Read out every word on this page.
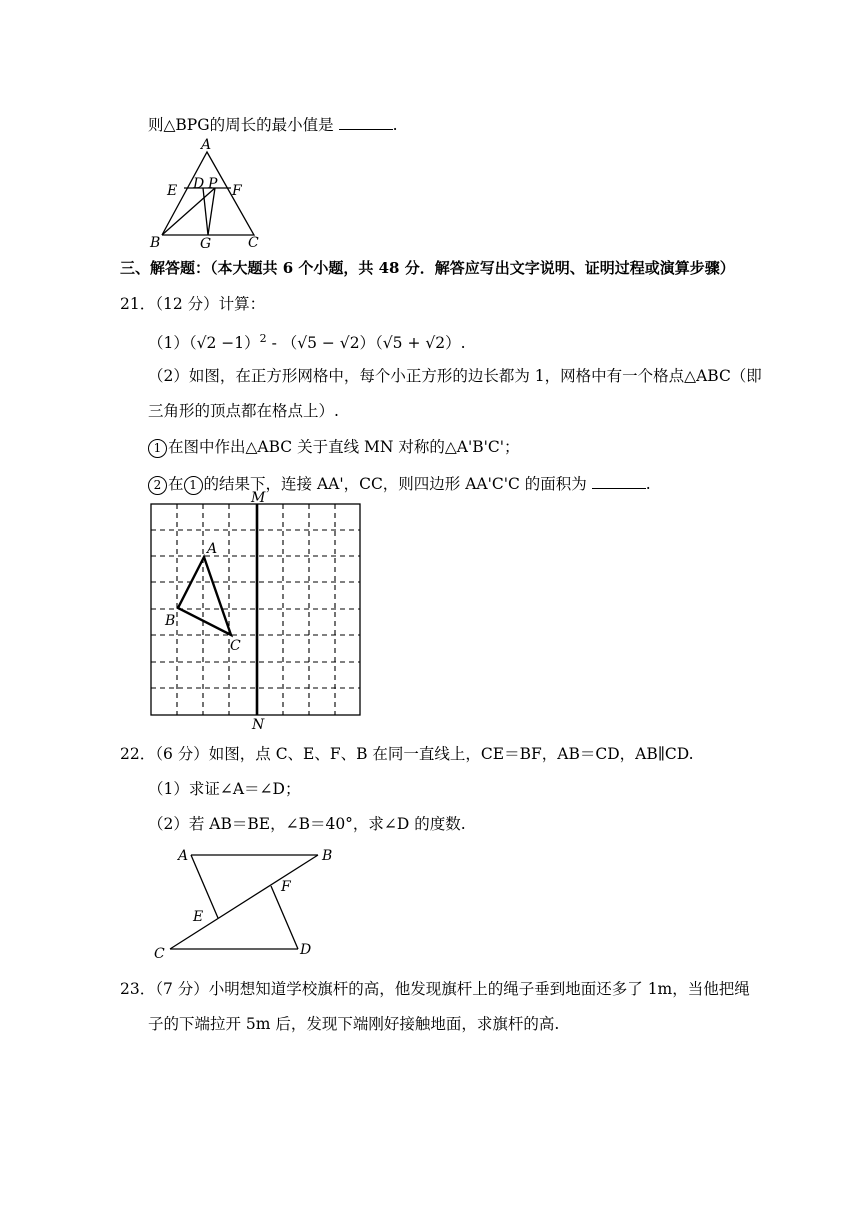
则△BPG的周长的最小值是	.
A
B	C
D
E	F
P
G
三、解答题：（本大题共 6 个小题，共 48 分．解答应写出文字说明、证明过程或演算步骤）
21．（12 分）计算：
$(1)(√2 -1)^2 - (√5 - √2)(√5 + √2)$.
（2）如图，在正方形网格中，每个小正方形的边长都为 1，网格中有一个格点△ABC（即
三角形的顶点都在格点上）.
1 在图中作出△ABC 关于直线 MN 对称的△A'B'C'；
2 在 1 的结果下，连接 AA'，CC，则四边形 AA'C'C 的面积为	.
M
N
A
B
C
22．（6 分）如图，点 C、E、F、B 在同一直线上，CE＝BF，AB＝CD，AB∥CD.
（1）求证∠A＝∠D；
（2）若 AB＝BE，∠B＝40°，求∠D 的度数.
A	B
C	D
E
F
23．（7 分）小明想知道学校旗杆的高，他发现旗杆上的绳子垂到地面还多了 1m，当他把绳
子的下端拉开 5m 后，发现下端刚好接触地面，求旗杆的高.
